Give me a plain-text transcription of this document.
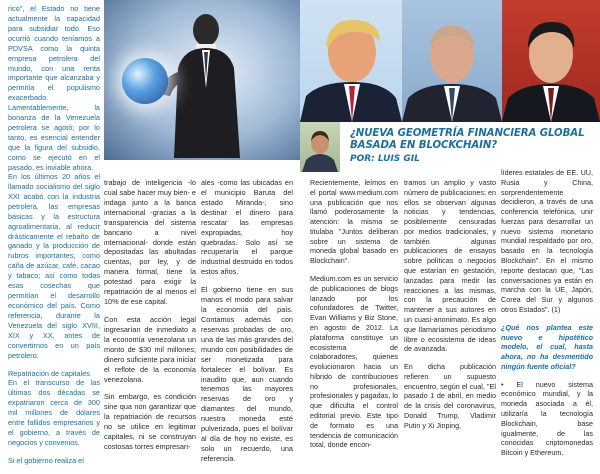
rico", el Estado no tiene actualmente la capacidad para subsidiar todo. Eso ocurrió cuando teníamos a PDVSA como la quinta empresa petrolera del mundo, con una renta importante que alcanzaba y permitía el populismo exacerbado.

Lamentablemente, la bonanza de la Venezuela petrolera se agotó; por lo tanto, es esencial entender que la figura del subsidio, como se ejecutó en el pasado, es inviable ahora.

En los últimos 20 años el llamado socialismo del siglo XXI acabó con la industria petrolera, las empresas básicas y la estructura agroalimentaria, al reducir drásticamente el rebaño de ganado y la producción de rubros importantes, como caña de azúcar, café, cacao y tabaco; así como todas esas cosechas que permitían el desarrollo económico del país. Como referencia, durante la Venezuela del siglo XVIII, XIX y XX, antes de convertirnos en un país petrolero.

Repatriación de capitales

En el transcurso de las últimas dos décadas se expatriaron cerca de 300 mil millones de dólares entre fallidos empresarios y el gobierno, a través de negocios y convenios.

Si el gobierno realiza el

trabajo de inteligencia -lo cual sabe hacer muy bien- e indaga junto a la banca internacional -gracias a la transparencia del sistema bancario a nivel internacional- donde están depositadas las abultadas cuentas, por ley, y de manera formal, tiene la potestad para exigir la repatriación de al menos el 10% de ese capital.

Con esta acción legal ingresarían de inmediato a la economía venezolana un monto de $30 mil millones; dinero suficiente para iniciar el reflote de la economía venezolana.

Sin embargo, es condición sine qua non garantizar que la repatriación de recursos no se utilice en legitimar capitales, ni se construyan costosas torres empresari-

ales -como las ubicadas en el municipio Baruta del estado Miranda-, sino destinar el dinero para rescatar las empresas expropiadas, hoy quebradas. Solo así se recuperaría el parque industrial destruido en todos estos años.

El gobierno tiene en sus manos el modo para salvar la economía del país. Contamos además con reservas probadas de oro, una de las más grandes del mundo con posibilidades de ser monetizada para fortalecer el bolívar. Es inaudito que, aun cuando tenemos las mayores reservas de oro y diamantes del mundo, nuestra moneda esté pulverizada, pues el bolívar al día de hoy no existe, es solo un recuerdo, una referencia.

¿NUEVA GEOMETRÍA FINANCIERA GLOBAL BASADA EN BLOCKCHAIN?
POR: LUIS GIL

Recientemente, leímos en el portal www.medium.com una publicación que nos llamó poderosamente la atención: la misma se titulaba "Juntos deliberan sobre un sistema de moneda global basado en Blockchain".

Medium.com es un servicio de publicaciones de blogs lanzado por los cofundadores de Twitter, Evan Williams y Biz Stone, en agosto de 2012. La plataforma constituye un ecosistema de colaboradores, quienes evolucionaron hacia un híbrido de contribuciones no profesionales, profesionales y pagadas, lo que dificulta el control editorial previo. Este tipo de formato es una tendencia de comunicación total, donde encon-

tramos un amplio y vasto número de publicaciones; en ellos se observan algunas noticias y tendencias, posiblemente censuradas por medios tradicionales, y también algunas publicaciones de ensayos sobre políticas o negocios que estarían en gestación, lanzadas para medir las reacciones a las mismas, con la precaución de mantener a sus autores en un cuasi-anonimato. Es algo que llamaríamos periodismo libre o ecosistema de ideas de avanzada.

En dicha publicación refieren un supuesto encuentro, según el cual, "El pasado 1 de abril, en medio de la crisis del coronavirus, Donald Trump, Vladimir Putin y Xi Jinping,

líderes estatales de EE. UU, Rusia y China, sorprendentemente decidieron, a través de una conferencia telefónica, unir fuerzas para desarrollar un nuevo sistema monetario mundial respaldado por oro, basado en la tecnología Blockchain". En el mismo reporte destacan que, "Las conversaciones ya están en marcha con la UE, Japón, Corea del Sur y algunos otros Estados". (1)

¿Qué nos plantea este nuevo e hipotético modelo, el cual, hasta ahora, no ha desmentido ningún fuente oficial?

• El nuevo sistema económico mundial, y la moneda asociada a él, utilizaría la tecnología Blockchain, base igualmente, de las conocidas criptomonedas Bitcoin y Ethereum.
